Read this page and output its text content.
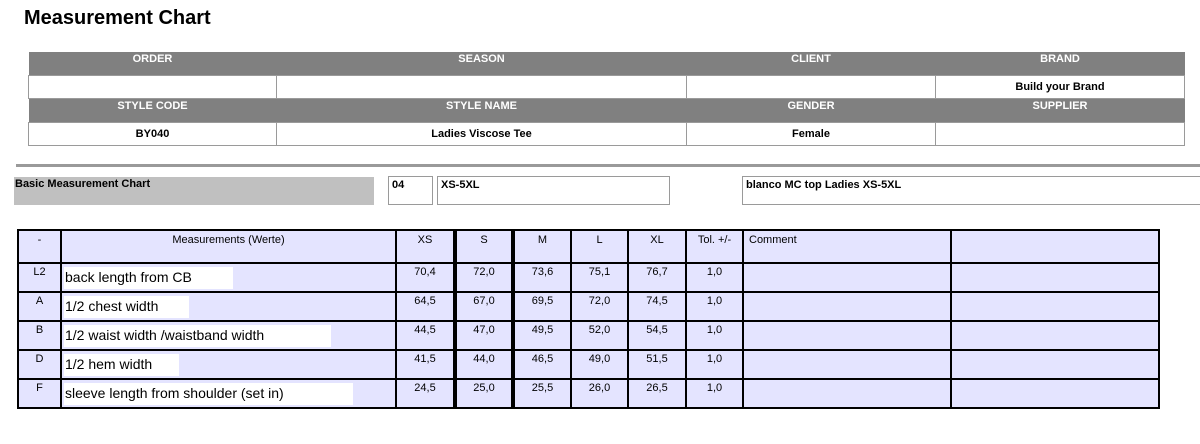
Measurement Chart
ORDER	SEASON	CLIENT	BRAND
			Build your Brand
STYLE CODE	STYLE NAME	GENDER	SUPPLIER
BY040	Ladies Viscose Tee	Female	
Basic Measurement Chart	04	XS-5XL	blanco MC top Ladies XS-5XL
-	Measurements (Werte)	XS	S	M	L	XL	Tol. +/-	Comment	
L2	back length from CB	70,4	72,0	73,6	75,1	76,7	1,0		
A	1/2 chest width	64,5	67,0	69,5	72,0	74,5	1,0		
B	1/2 waist width /waistband width	44,5	47,0	49,5	52,0	54,5	1,0		
D	1/2 hem width	41,5	44,0	46,5	49,0	51,5	1,0		
F	sleeve length from shoulder (set in)	24,5	25,0	25,5	26,0	26,5	1,0		
